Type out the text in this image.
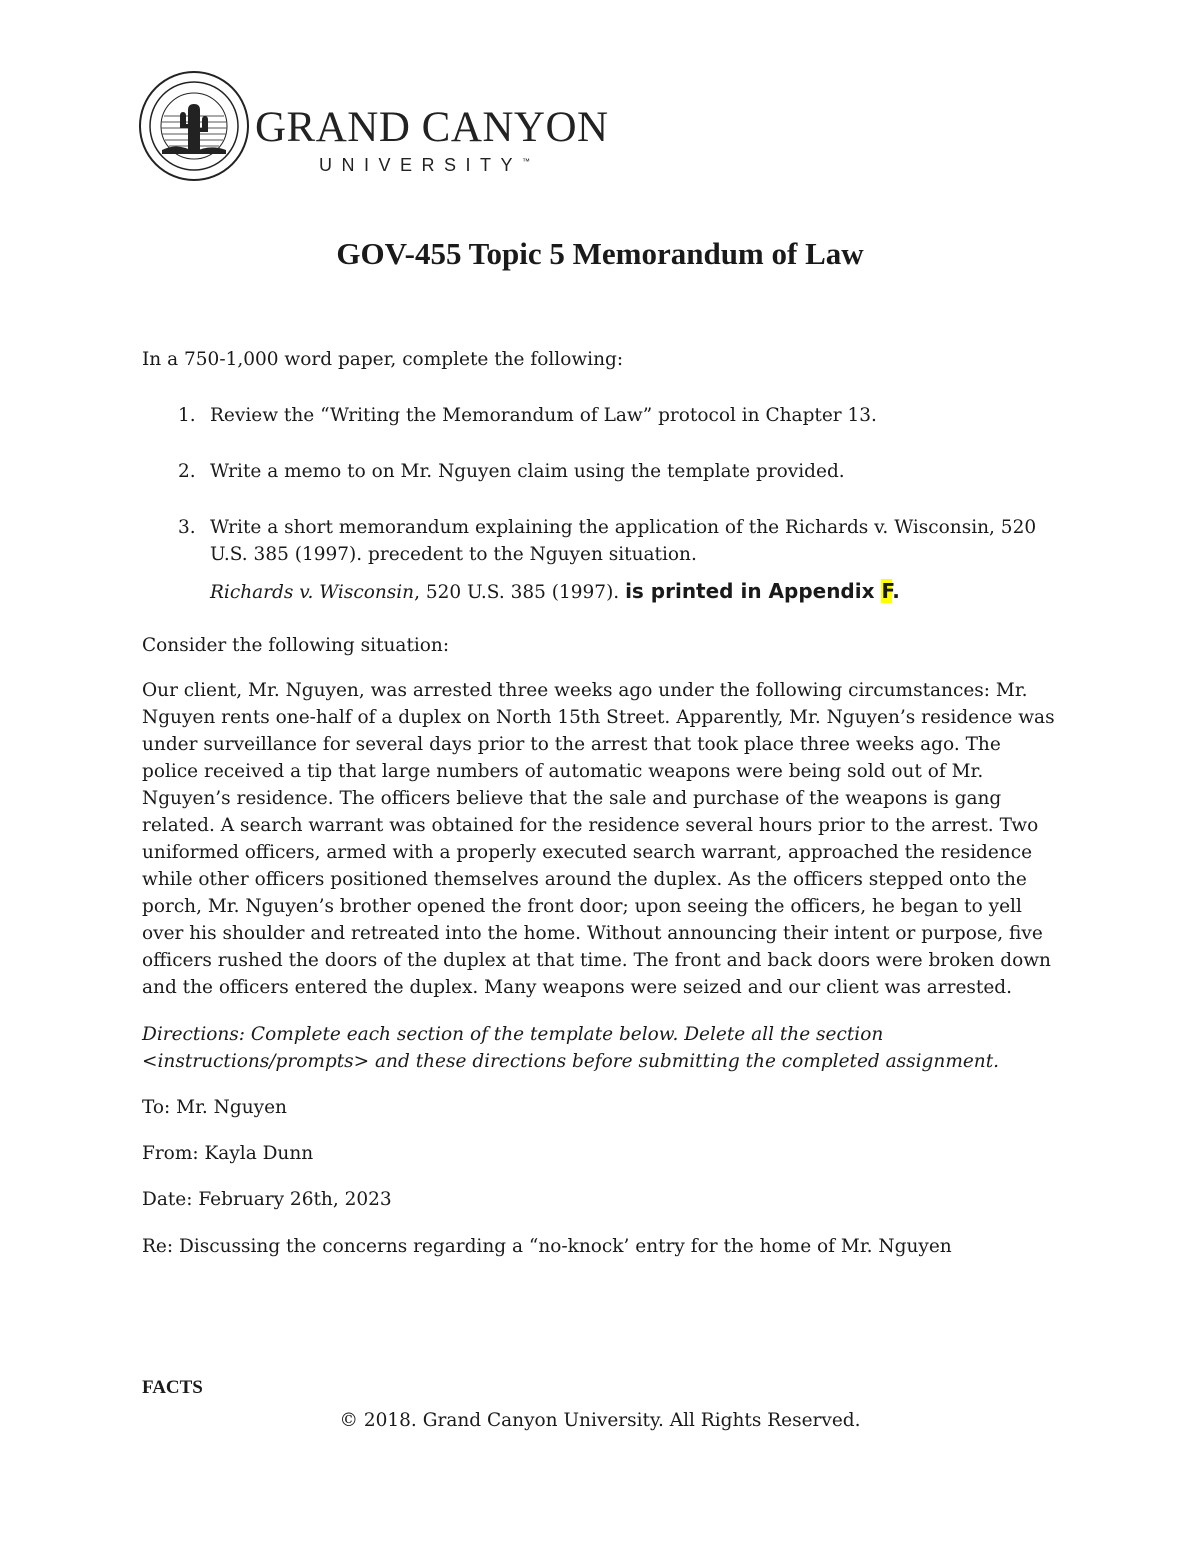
GRAND CANYON
UNIVERSITY™
GOV-455 Topic 5 Memorandum of Law

In a 750-1,000 word paper, complete the following:

1. Review the “Writing the Memorandum of Law” protocol in Chapter 13.
2. Write a memo to on Mr. Nguyen claim using the template provided.
3. Write a short memorandum explaining the application of the Richards v. Wisconsin, 520 U.S. 385 (1997). precedent to the Nguyen situation.
Richards v. Wisconsin, 520 U.S. 385 (1997). is printed in Appendix F.

Consider the following situation:

Our client, Mr. Nguyen, was arrested three weeks ago under the following circumstances: Mr. Nguyen rents one-half of a duplex on North 15th Street. Apparently, Mr. Nguyen’s residence was under surveillance for several days prior to the arrest that took place three weeks ago. The police received a tip that large numbers of automatic weapons were being sold out of Mr. Nguyen’s residence. The officers believe that the sale and purchase of the weapons is gang related. A search warrant was obtained for the residence several hours prior to the arrest. Two uniformed officers, armed with a properly executed search warrant, approached the residence while other officers positioned themselves around the duplex. As the officers stepped onto the porch, Mr. Nguyen’s brother opened the front door; upon seeing the officers, he began to yell over his shoulder and retreated into the home. Without announcing their intent or purpose, five officers rushed the doors of the duplex at that time. The front and back doors were broken down and the officers entered the duplex. Many weapons were seized and our client was arrested.

Directions: Complete each section of the template below. Delete all the section <instructions/prompts> and these directions before submitting the completed assignment.

To: Mr. Nguyen
From: Kayla Dunn
Date: February 26th, 2023
Re: Discussing the concerns regarding a “no-knock’ entry for the home of Mr. Nguyen
FACTS
© 2018. Grand Canyon University. All Rights Reserved.
